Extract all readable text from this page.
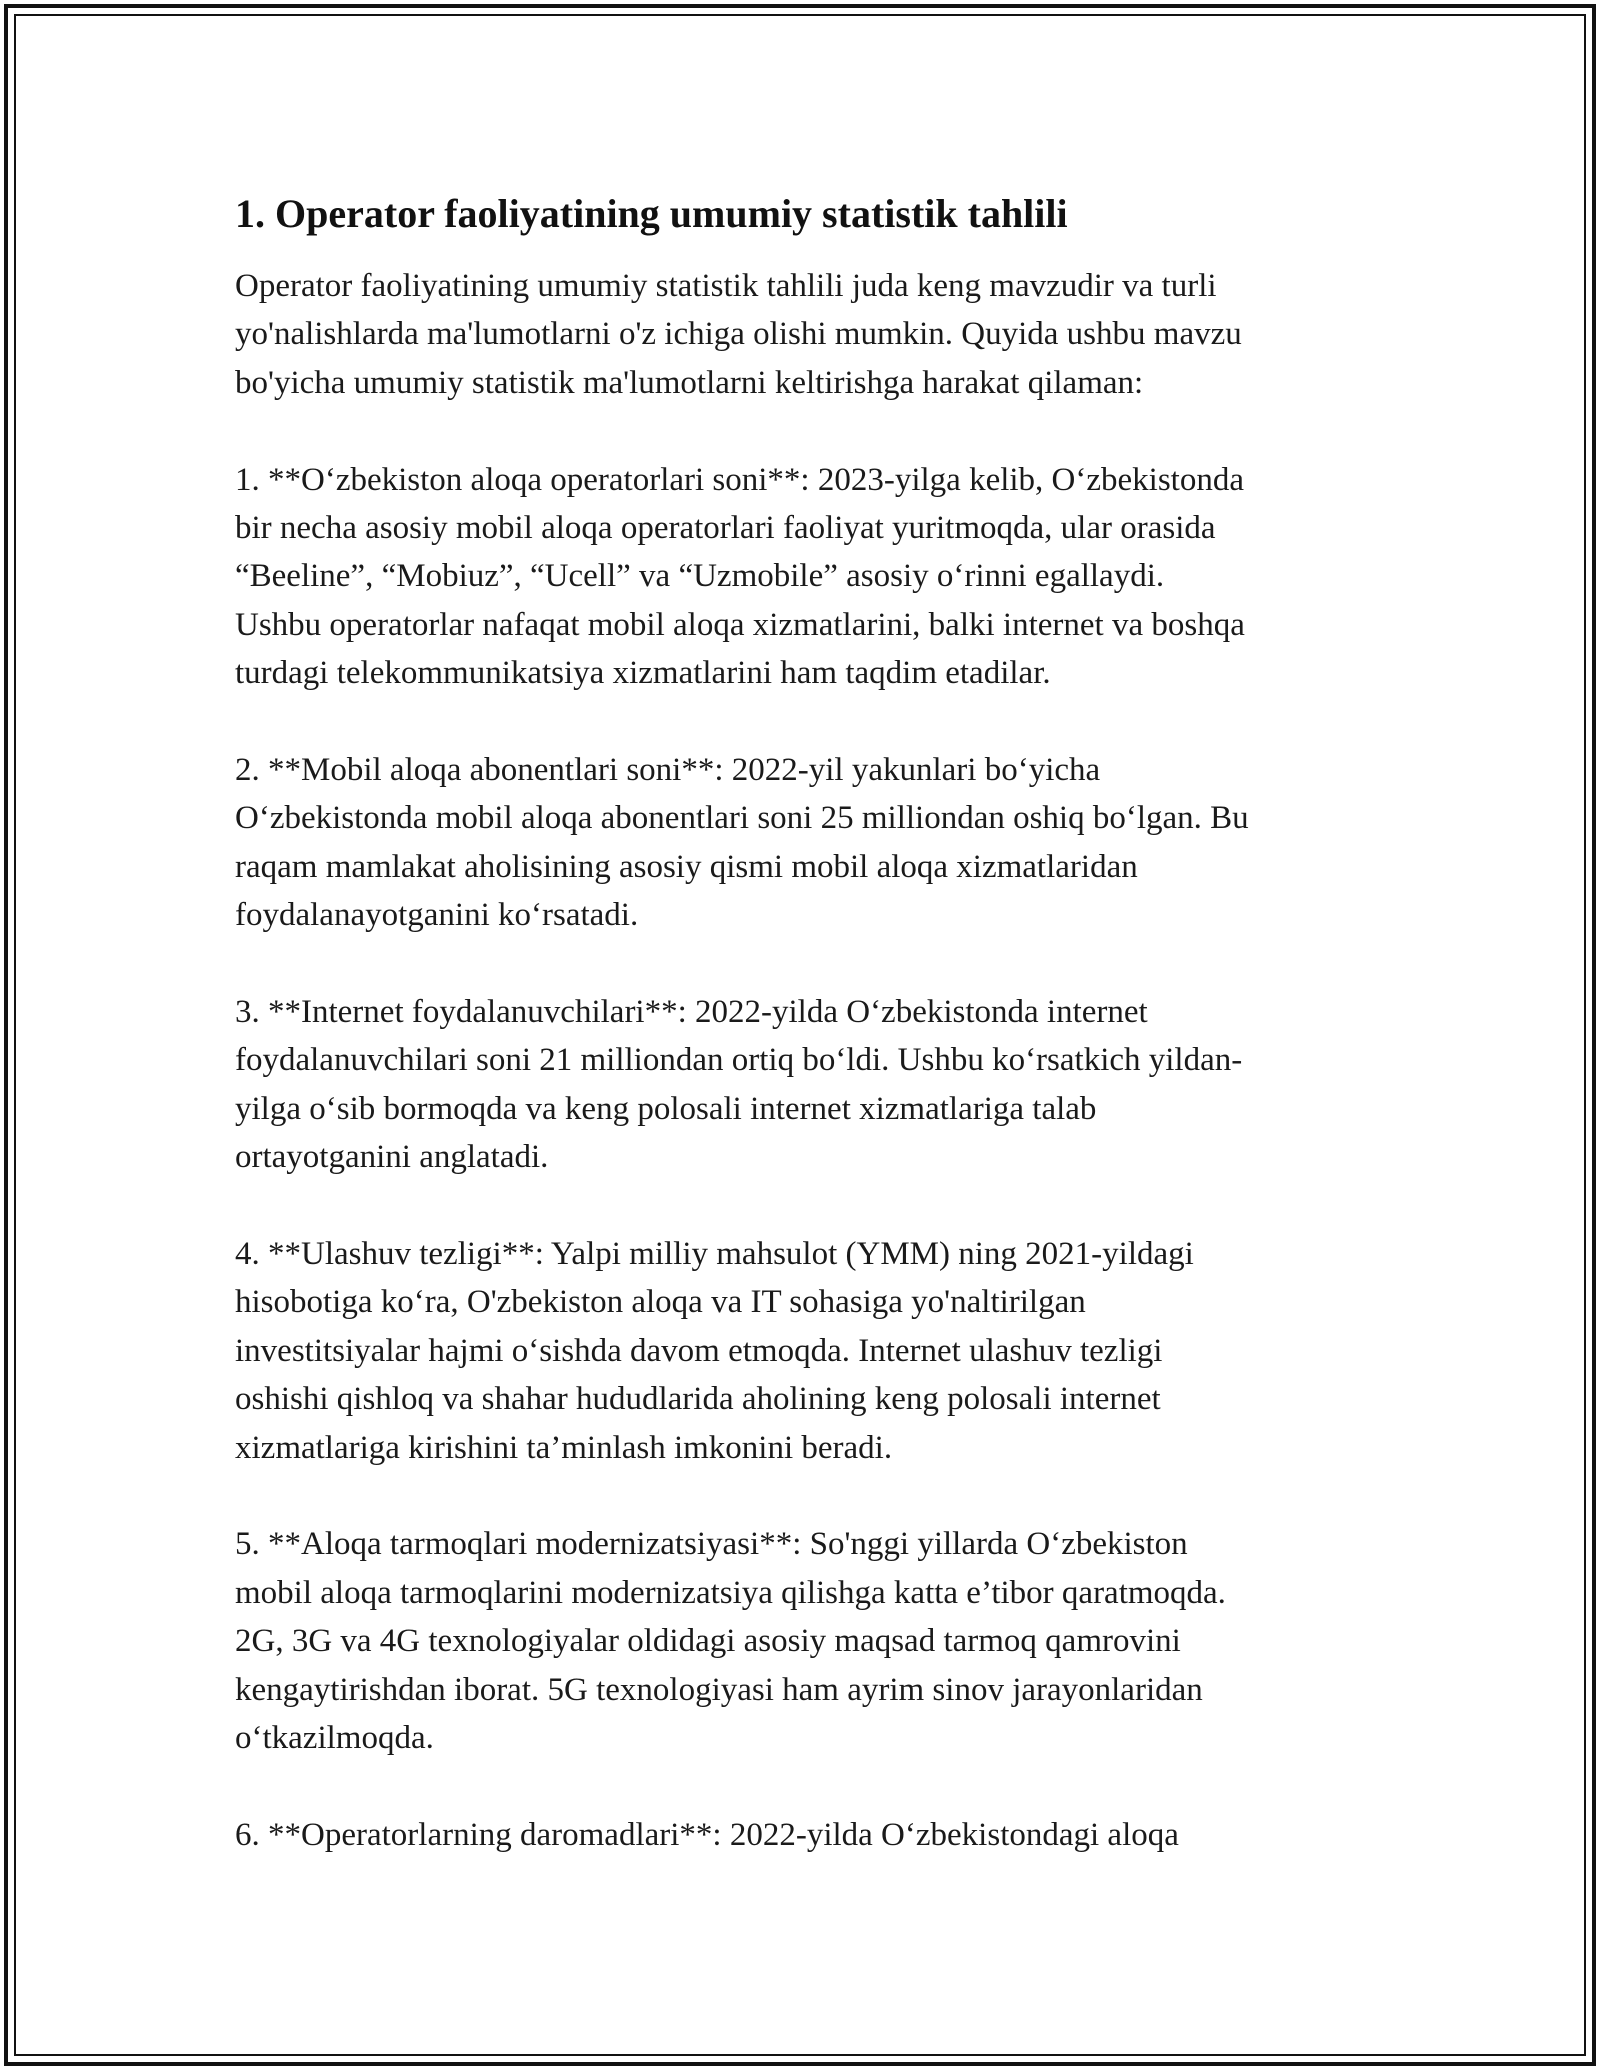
1. Operator faoliyatining umumiy statistik tahlili

Operator faoliyatining umumiy statistik tahlili juda keng mavzudir va turli
yo'nalishlarda ma'lumotlarni o'z ichiga olishi mumkin. Quyida ushbu mavzu
bo'yicha umumiy statistik ma'lumotlarni keltirishga harakat qilaman:

1. **O‘zbekiston aloqa operatorlari soni**: 2023-yilga kelib, O‘zbekistonda
bir necha asosiy mobil aloqa operatorlari faoliyat yuritmoqda, ular orasida
“Beeline”, “Mobiuz”, “Ucell” va “Uzmobile” asosiy o‘rinni egallaydi.
Ushbu operatorlar nafaqat mobil aloqa xizmatlarini, balki internet va boshqa
turdagi telekommunikatsiya xizmatlarini ham taqdim etadilar.

2. **Mobil aloqa abonentlari soni**: 2022-yil yakunlari bo‘yicha
O‘zbekistonda mobil aloqa abonentlari soni 25 milliondan oshiq bo‘lgan. Bu
raqam mamlakat aholisining asosiy qismi mobil aloqa xizmatlaridan
foydalanayotganini ko‘rsatadi.

3. **Internet foydalanuvchilari**: 2022-yilda O‘zbekistonda internet
foydalanuvchilari soni 21 milliondan ortiq bo‘ldi. Ushbu ko‘rsatkich yildan-
yilga o‘sib bormoqda va keng polosali internet xizmatlariga talab
ortayotganini anglatadi.

4. **Ulashuv tezligi**: Yalpi milliy mahsulot (YMM) ning 2021-yildagi
hisobotiga ko‘ra, O'zbekiston aloqa va IT sohasiga yo'naltirilgan
investitsiyalar hajmi o‘sishda davom etmoqda. Internet ulashuv tezligi
oshishi qishloq va shahar hududlarida aholining keng polosali internet
xizmatlariga kirishini ta’minlash imkonini beradi.

5. **Aloqa tarmoqlari modernizatsiyasi**: So'nggi yillarda O‘zbekiston
mobil aloqa tarmoqlarini modernizatsiya qilishga katta e’tibor qaratmoqda.
2G, 3G va 4G texnologiyalar oldidagi asosiy maqsad tarmoq qamrovini
kengaytirishdan iborat. 5G texnologiyasi ham ayrim sinov jarayonlaridan
o‘tkazilmoqda.

6. **Operatorlarning daromadlari**: 2022-yilda O‘zbekistondagi aloqa
